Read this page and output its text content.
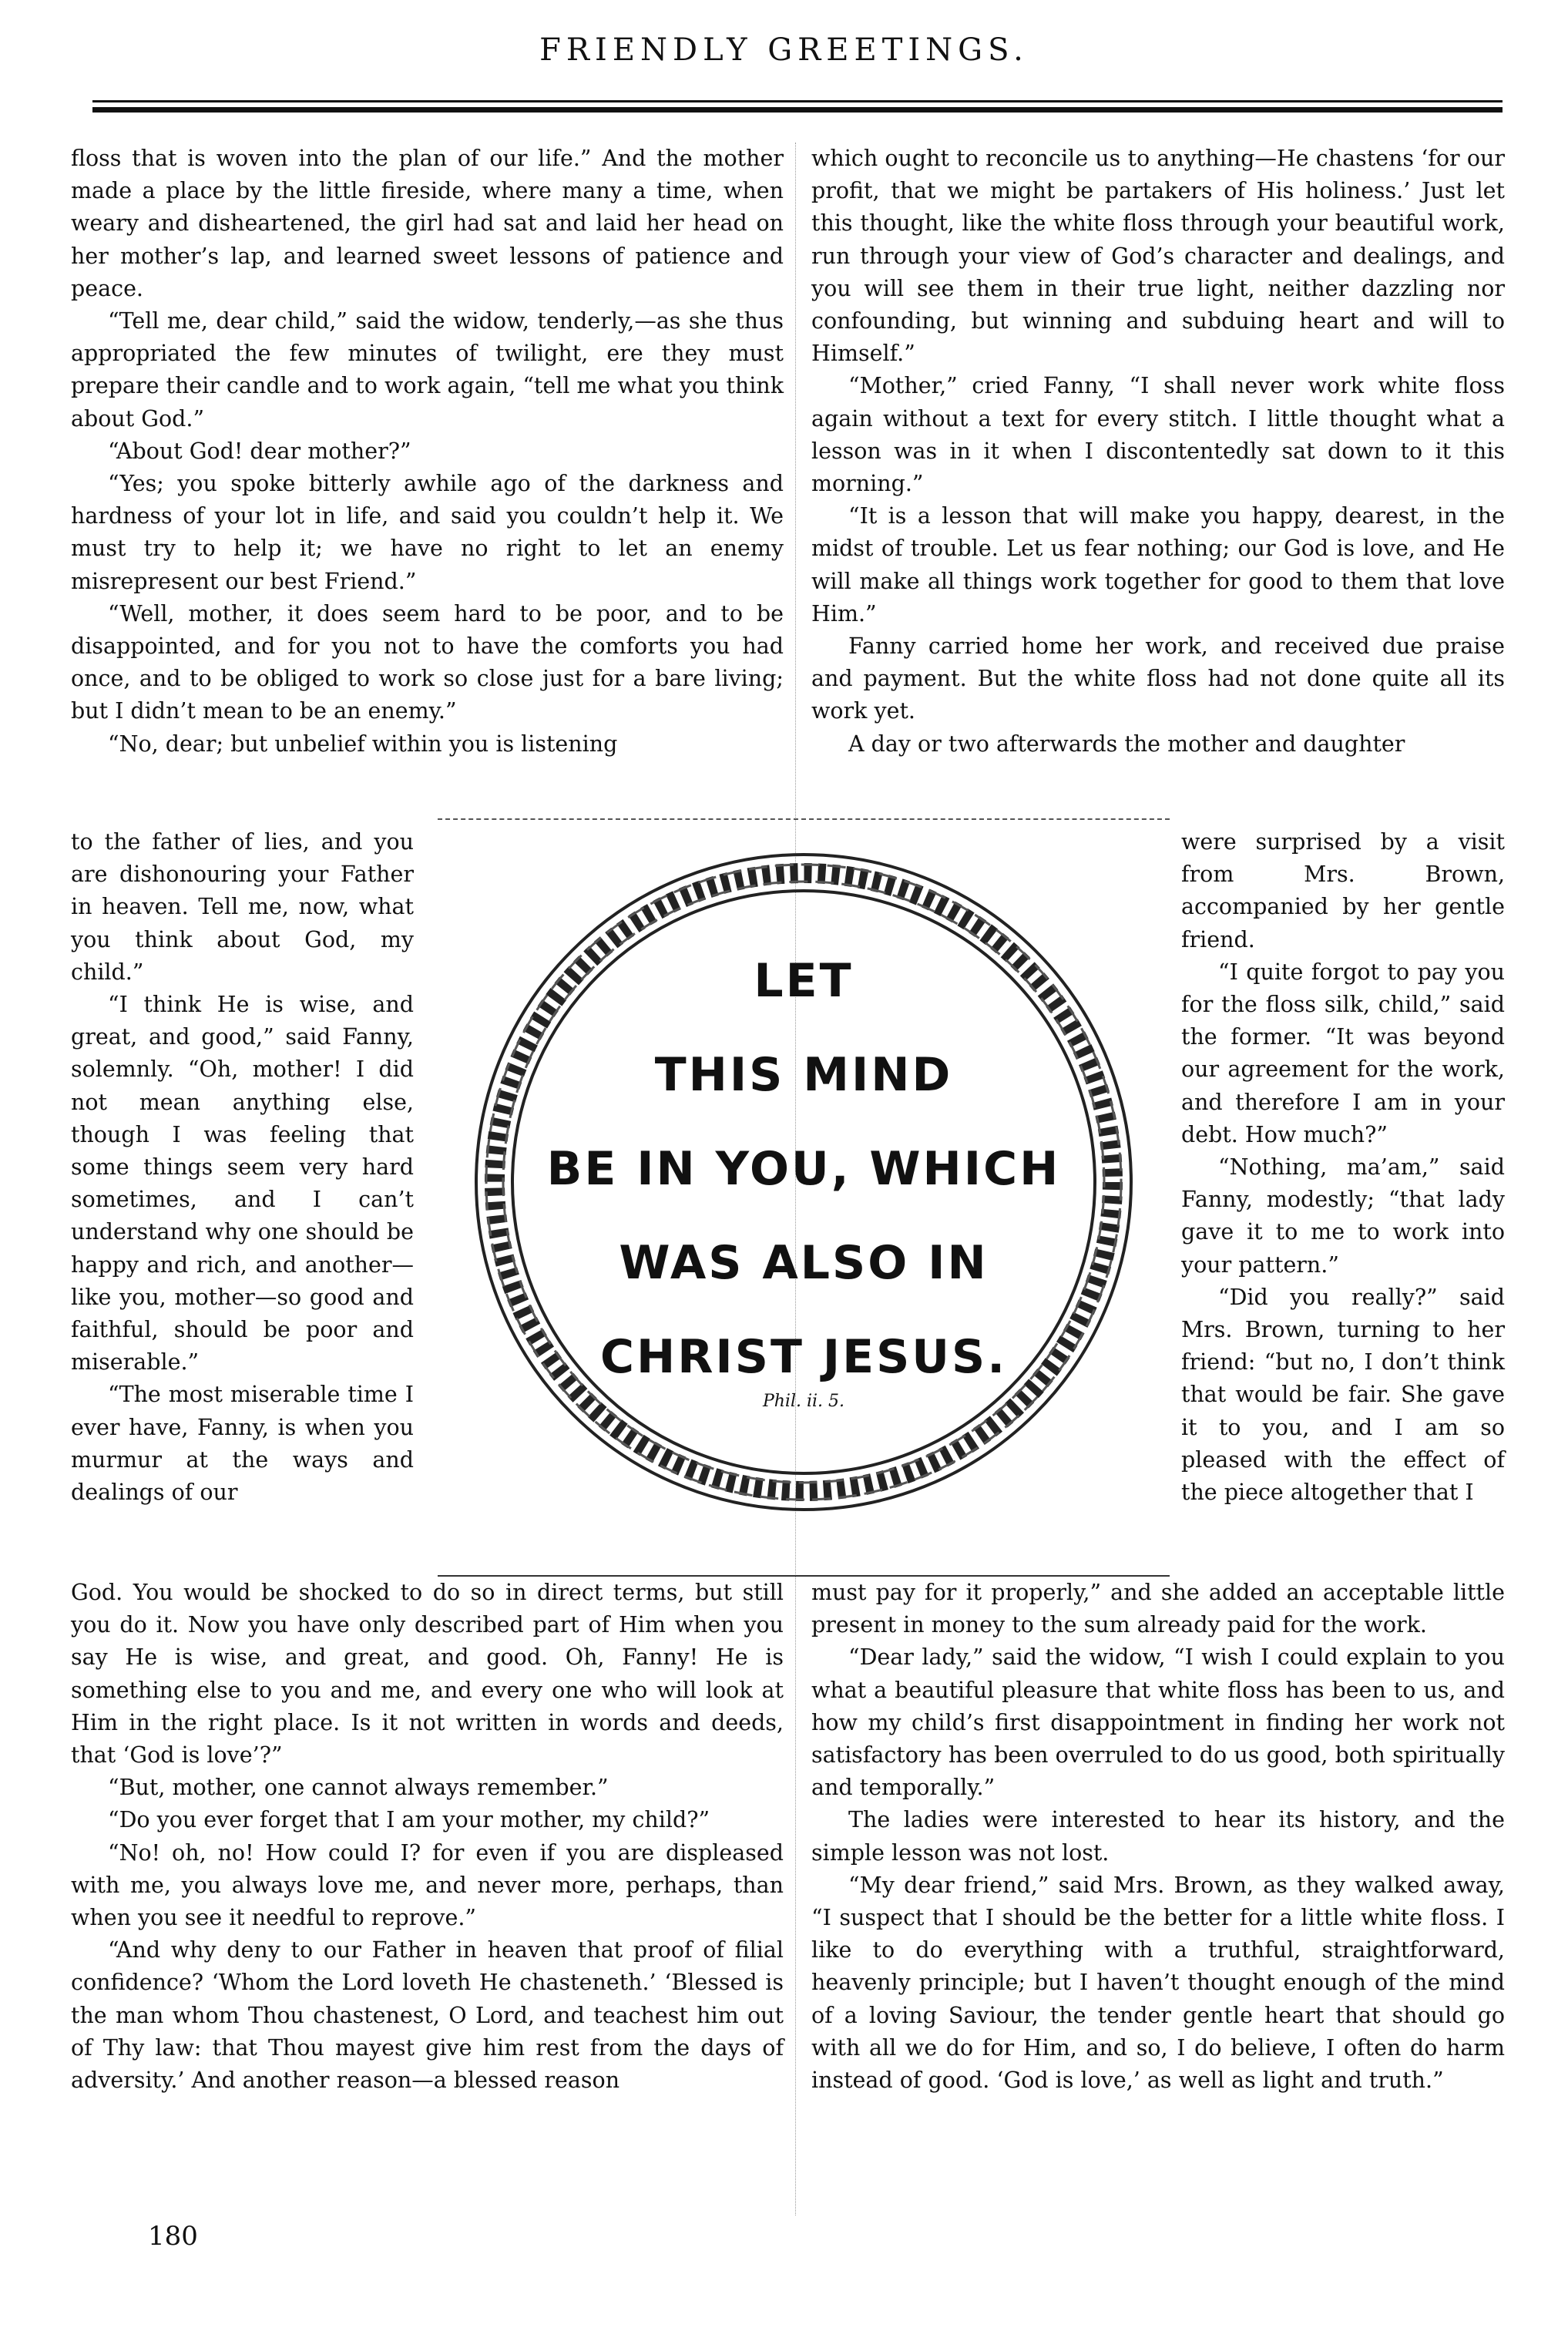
FRIENDLY GREETINGS.

floss that is woven into the plan of our life.” And the mother made a place by the little fireside, where many a time, when weary and disheartened, the girl had sat and laid her head on her mother’s lap, and learned sweet lessons of patience and peace.

“Tell me, dear child,” said the widow, tenderly,—as she thus appropriated the few minutes of twilight, ere they must prepare their candle and to work again, “tell me what you think about God.”

“About God! dear mother?”

“Yes; you spoke bitterly awhile ago of the darkness and hardness of your lot in life, and said you couldn’t help it. We must try to help it; we have no right to let an enemy misrepresent our best Friend.”

“Well, mother, it does seem hard to be poor, and to be disappointed, and for you not to have the comforts you had once, and to be obliged to work so close just for a bare living; but I didn’t mean to be an enemy.”

“No, dear; but unbelief within you is listening

to the father of lies, and you are dishonouring your Father in heaven. Tell me, now, what you think about God, my child.”

“I think He is wise, and great, and good,” said Fanny, solemnly. “Oh, mother! I did not mean anything else, though I was feeling that some things seem very hard sometimes, and I can’t understand why one should be happy and rich, and another—like you, mother—so good and faithful, should be poor and miserable.”

“The most miserable time I ever have, Fanny, is when you murmur at the ways and dealings of our

LET
THIS MIND
BE IN YOU, WHICH
WAS ALSO IN
CHRIST JESUS.
Phil. ii. 5.

God. You would be shocked to do so in direct terms, but still you do it. Now you have only described part of Him when you say He is wise, and great, and good. Oh, Fanny! He is something else to you and me, and every one who will look at Him in the right place. Is it not written in words and deeds, that ‘God is love’?”

“But, mother, one cannot always remember.”

“Do you ever forget that I am your mother, my child?”

“No! oh, no! How could I? for even if you are displeased with me, you always love me, and never more, perhaps, than when you see it needful to reprove.”

“And why deny to our Father in heaven that proof of filial confidence? ‘Whom the Lord loveth He chasteneth.’ ‘Blessed is the man whom Thou chastenest, O Lord, and teachest him out of Thy law: that Thou mayest give him rest from the days of adversity.’ And another reason—a blessed reason

which ought to reconcile us to anything—He chastens ‘for our profit, that we might be partakers of His holiness.’ Just let this thought, like the white floss through your beautiful work, run through your view of God’s character and dealings, and you will see them in their true light, neither dazzling nor confounding, but winning and subduing heart and will to Himself.”

“Mother,” cried Fanny, “I shall never work white floss again without a text for every stitch. I little thought what a lesson was in it when I discontentedly sat down to it this morning.”

“It is a lesson that will make you happy, dearest, in the midst of trouble. Let us fear nothing; our God is love, and He will make all things work together for good to them that love Him.”

Fanny carried home her work, and received due praise and payment. But the white floss had not done quite all its work yet.

A day or two afterwards the mother and daughter

were surprised by a visit from Mrs. Brown, accompanied by her gentle friend.

“I quite forgot to pay you for the floss silk, child,” said the former. “It was beyond our agreement for the work, and therefore I am in your debt. How much?”

“Nothing, ma’am,” said Fanny, modestly; “that lady gave it to me to work into your pattern.”

“Did you really?” said Mrs. Brown, turning to her friend: “but no, I don’t think that would be fair. She gave it to you, and I am so pleased with the effect of the piece altogether that I

must pay for it properly,” and she added an acceptable little present in money to the sum already paid for the work.

“Dear lady,” said the widow, “I wish I could explain to you what a beautiful pleasure that white floss has been to us, and how my child’s first disappointment in finding her work not satisfactory has been overruled to do us good, both spiritually and temporally.”

The ladies were interested to hear its history, and the simple lesson was not lost.

“My dear friend,” said Mrs. Brown, as they walked away, “I suspect that I should be the better for a little white floss. I like to do everything with a truthful, straightforward, heavenly principle; but I haven’t thought enough of the mind of a loving Saviour, the tender gentle heart that should go with all we do for Him, and so, I do believe, I often do harm instead of good. ‘God is love,’ as well as light and truth.”

180
